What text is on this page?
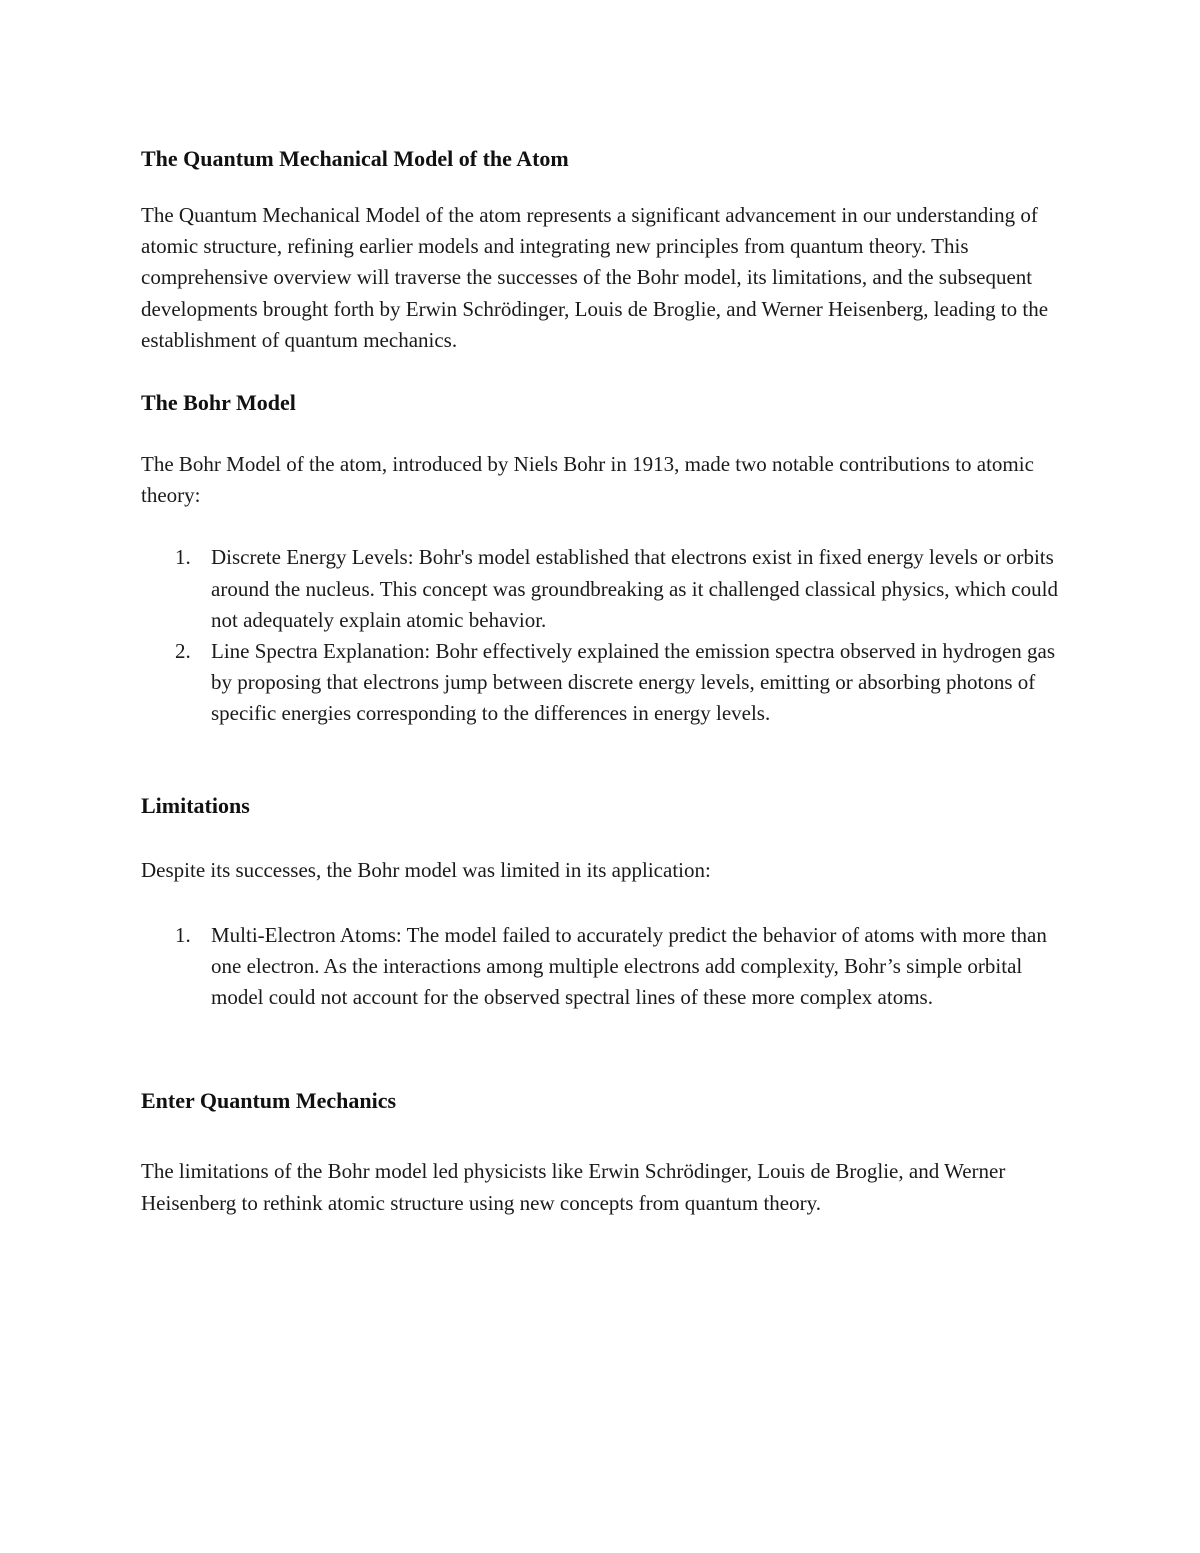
The Quantum Mechanical Model of the Atom

The Quantum Mechanical Model of the atom represents a significant advancement in our understanding of atomic structure, refining earlier models and integrating new principles from quantum theory. This comprehensive overview will traverse the successes of the Bohr model, its limitations, and the subsequent developments brought forth by Erwin Schrödinger, Louis de Broglie, and Werner Heisenberg, leading to the establishment of quantum mechanics.

The Bohr Model

The Bohr Model of the atom, introduced by Niels Bohr in 1913, made two notable contributions to atomic theory:

1. Discrete Energy Levels: Bohr's model established that electrons exist in fixed energy levels or orbits around the nucleus. This concept was groundbreaking as it challenged classical physics, which could not adequately explain atomic behavior.
2. Line Spectra Explanation: Bohr effectively explained the emission spectra observed in hydrogen gas by proposing that electrons jump between discrete energy levels, emitting or absorbing photons of specific energies corresponding to the differences in energy levels.
Limitations

Despite its successes, the Bohr model was limited in its application:

1. Multi-Electron Atoms: The model failed to accurately predict the behavior of atoms with more than one electron. As the interactions among multiple electrons add complexity, Bohr’s simple orbital model could not account for the observed spectral lines of these more complex atoms.
Enter Quantum Mechanics

The limitations of the Bohr model led physicists like Erwin Schrödinger, Louis de Broglie, and Werner Heisenberg to rethink atomic structure using new concepts from quantum theory.
